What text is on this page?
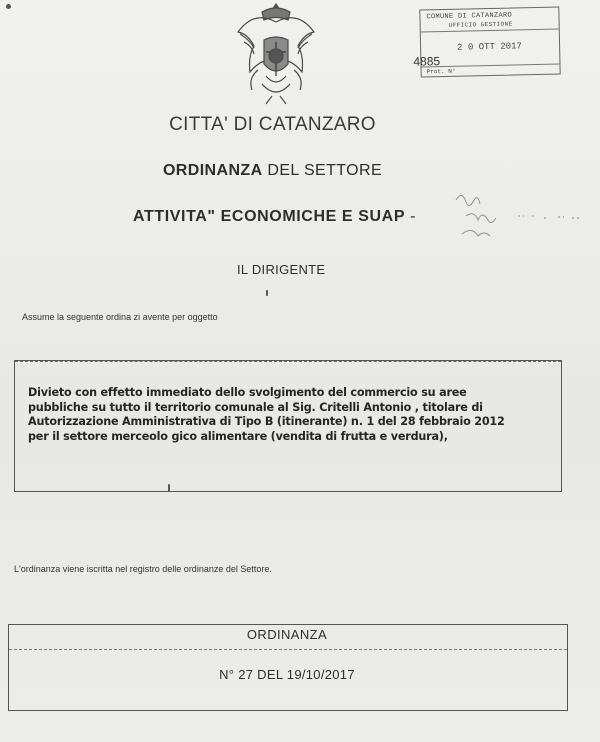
COMUNE DI CATANZARO
UFFICIO GESTIONE
2 0 OTT 2017
4885
Prot. N°
CITTA' DI CATANZARO
ORDINANZA DEL SETTORE
ATTIVITA" ECONOMICHE E SUAP -
IL DIRIGENTE
Assume la seguente ordina zi avente per oggetto
Divieto con effetto immediato dello svolgimento del commercio su aree
pubbliche su tutto il territorio comunale al Sig. Critelli Antonio , titolare di
Autorizzazione Amministrativa di Tipo B (itinerante) n. 1 del 28 febbraio 2012
per il settore merceolo gico alimentare (vendita di frutta e verdura),
L'ordinanza viene iscritta nel registro delle ordinanze del Settore.
ORDINANZA
N° 27 DEL 19/10/2017
